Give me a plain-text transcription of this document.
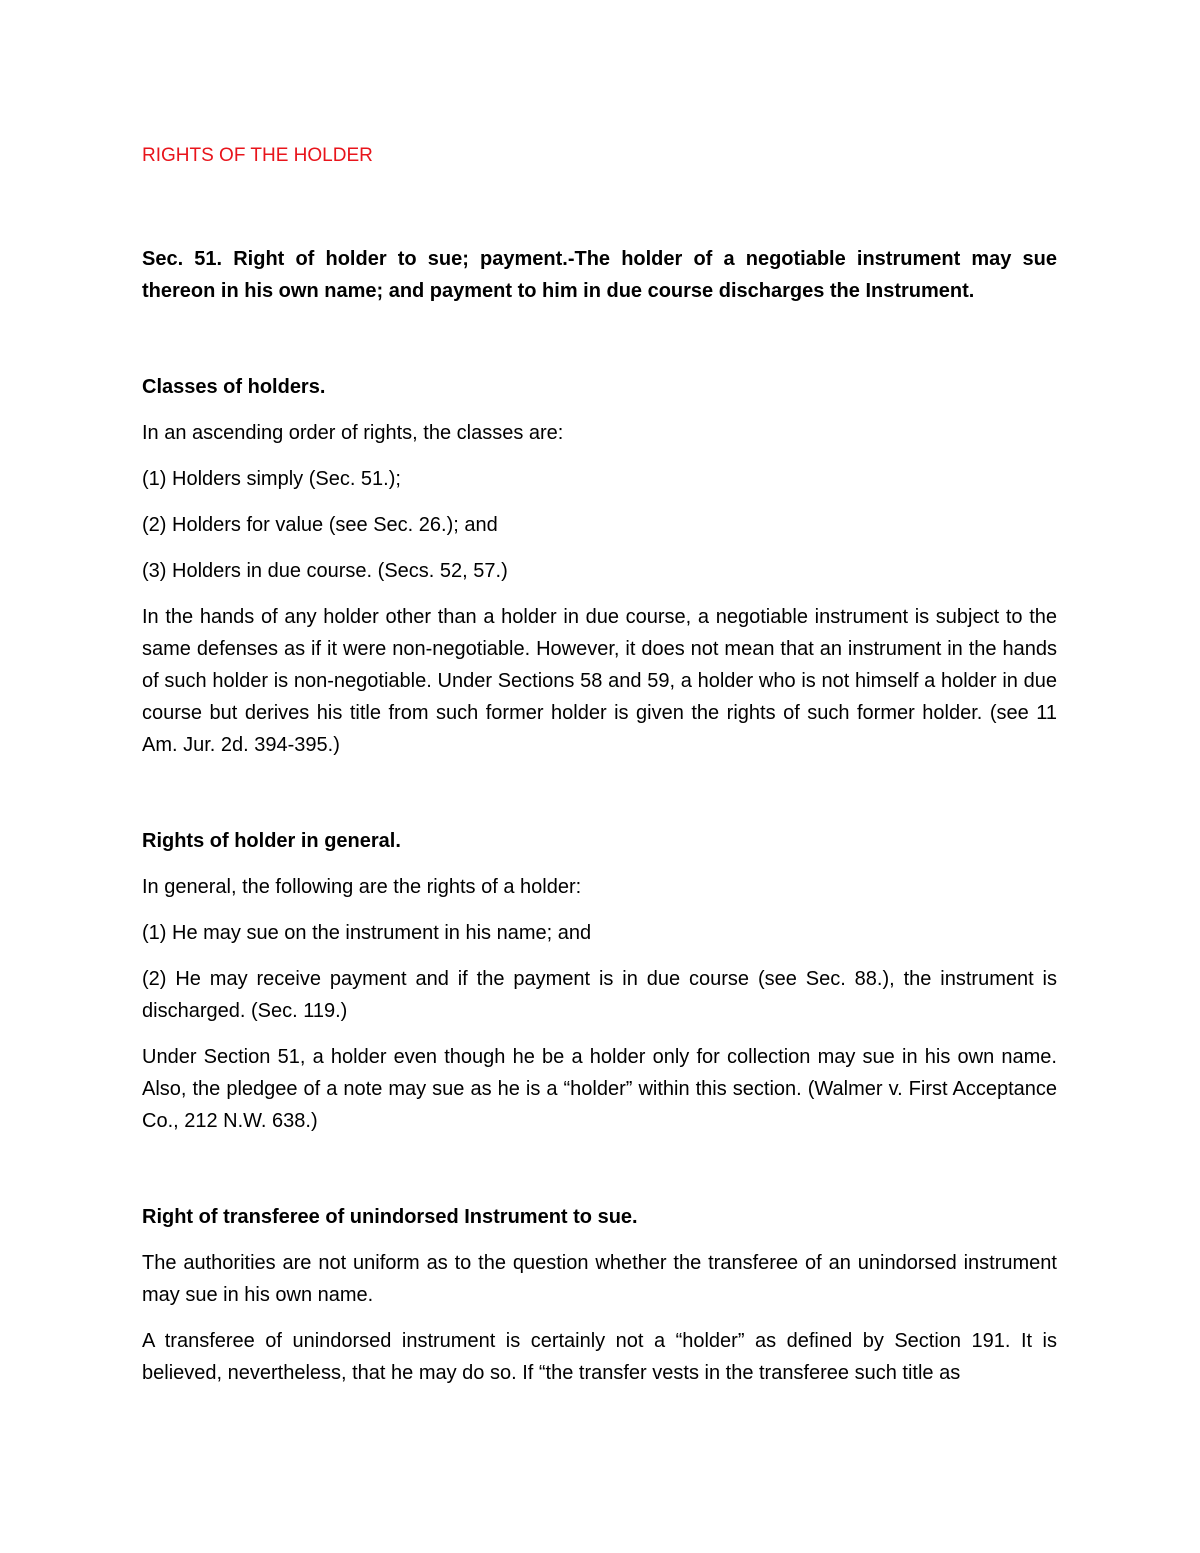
RIGHTS OF THE HOLDER

Sec. 51. Right of holder to sue; payment.-The holder of a negotiable instrument may sue thereon in his own name; and payment to him in due course discharges the Instrument.

Classes of holders.

In an ascending order of rights, the classes are:

(1) Holders simply (Sec. 51.);

(2) Holders for value (see Sec. 26.); and

(3) Holders in due course. (Secs. 52, 57.)

In the hands of any holder other than a holder in due course, a negotiable instrument is subject to the same defenses as if it were non-negotiable. However, it does not mean that an instrument in the hands of such holder is non-negotiable. Under Sections 58 and 59, a holder who is not himself a holder in due course but derives his title from such former holder is given the rights of such former holder. (see 11 Am. Jur. 2d. 394-395.)

Rights of holder in general.

In general, the following are the rights of a holder:

(1) He may sue on the instrument in his name; and

(2) He may receive payment and if the payment is in due course (see Sec. 88.), the instrument is discharged. (Sec. 119.)

Under Section 51, a holder even though he be a holder only for collection may sue in his own name. Also, the pledgee of a note may sue as he is a “holder” within this section. (Walmer v. First Acceptance Co., 212 N.W. 638.)

Right of transferee of unindorsed Instrument to sue.

The authorities are not uniform as to the question whether the transferee of an unindorsed instrument may sue in his own name.

A transferee of unindorsed instrument is certainly not a “holder” as defined by Section 191. It is believed, nevertheless, that he may do so. If “the transfer vests in the transferee such title as
